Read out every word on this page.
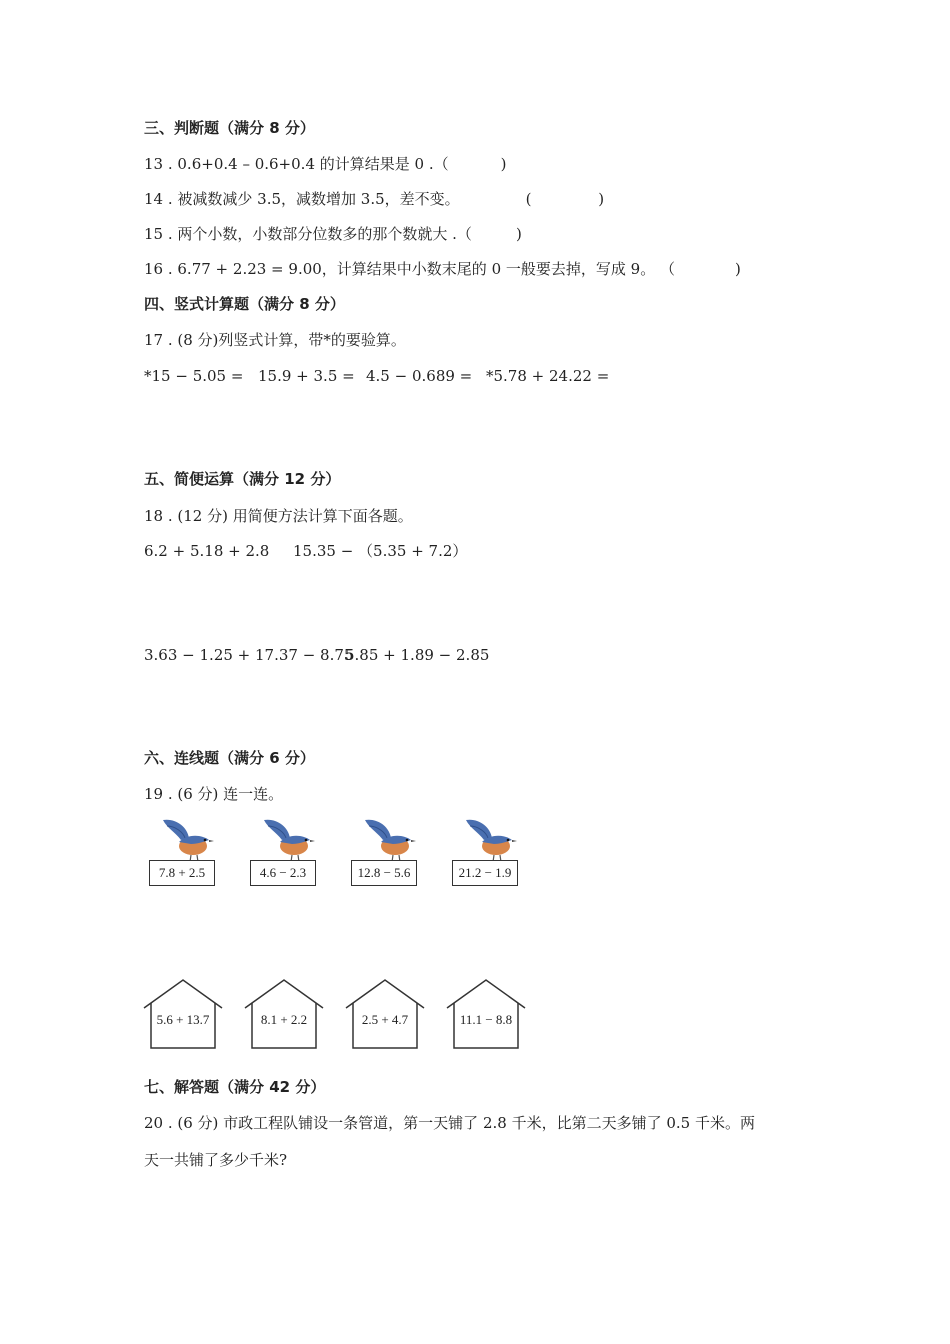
三、判断题（满分 8 分）
13 . 0.6+0.4 – 0.6+0.4 的计算结果是 0 .（	)
14 . 被减数减少 3.5，减数增加 3.5，差不变。	(              )
15 . 两个小数，小数部分位数多的那个数就大 .（	)
16 . 6.77 + 2.23 = 9.00，计算结果中小数末尾的 0 一般要去掉，写成 9。 （	)
四、竖式计算题（满分 8 分）
17 . (8 分)列竖式计算，带*的要验算。
*15 − 5.05 = 15.9 + 3.5 = 4.5 − 0.689 = *5.78 + 24.22 =
五、简便运算（满分 12 分）
18 . (12 分) 用简便方法计算下面各题。
6.2 + 5.18 + 2.8 15.35 − （5.35 + 7.2）
3.63 − 1.25 + 17.37 − 8.75
5.85 + 1.89 − 2.85
六、连线题（满分 6 分）
19 . (6 分) 连一连。
7.8 + 2.5	4.6 − 2.3	12.8 − 5.6	21.2 − 1.9
5.6 + 13.7	8.1 + 2.2	2.5 + 4.7	11.1 − 8.8
七、解答题（满分 42 分）
20 . (6 分) 市政工程队铺设一条管道，第一天铺了 2.8 千米，比第二天多铺了 0.5 千米。两
天一共铺了多少千米?
